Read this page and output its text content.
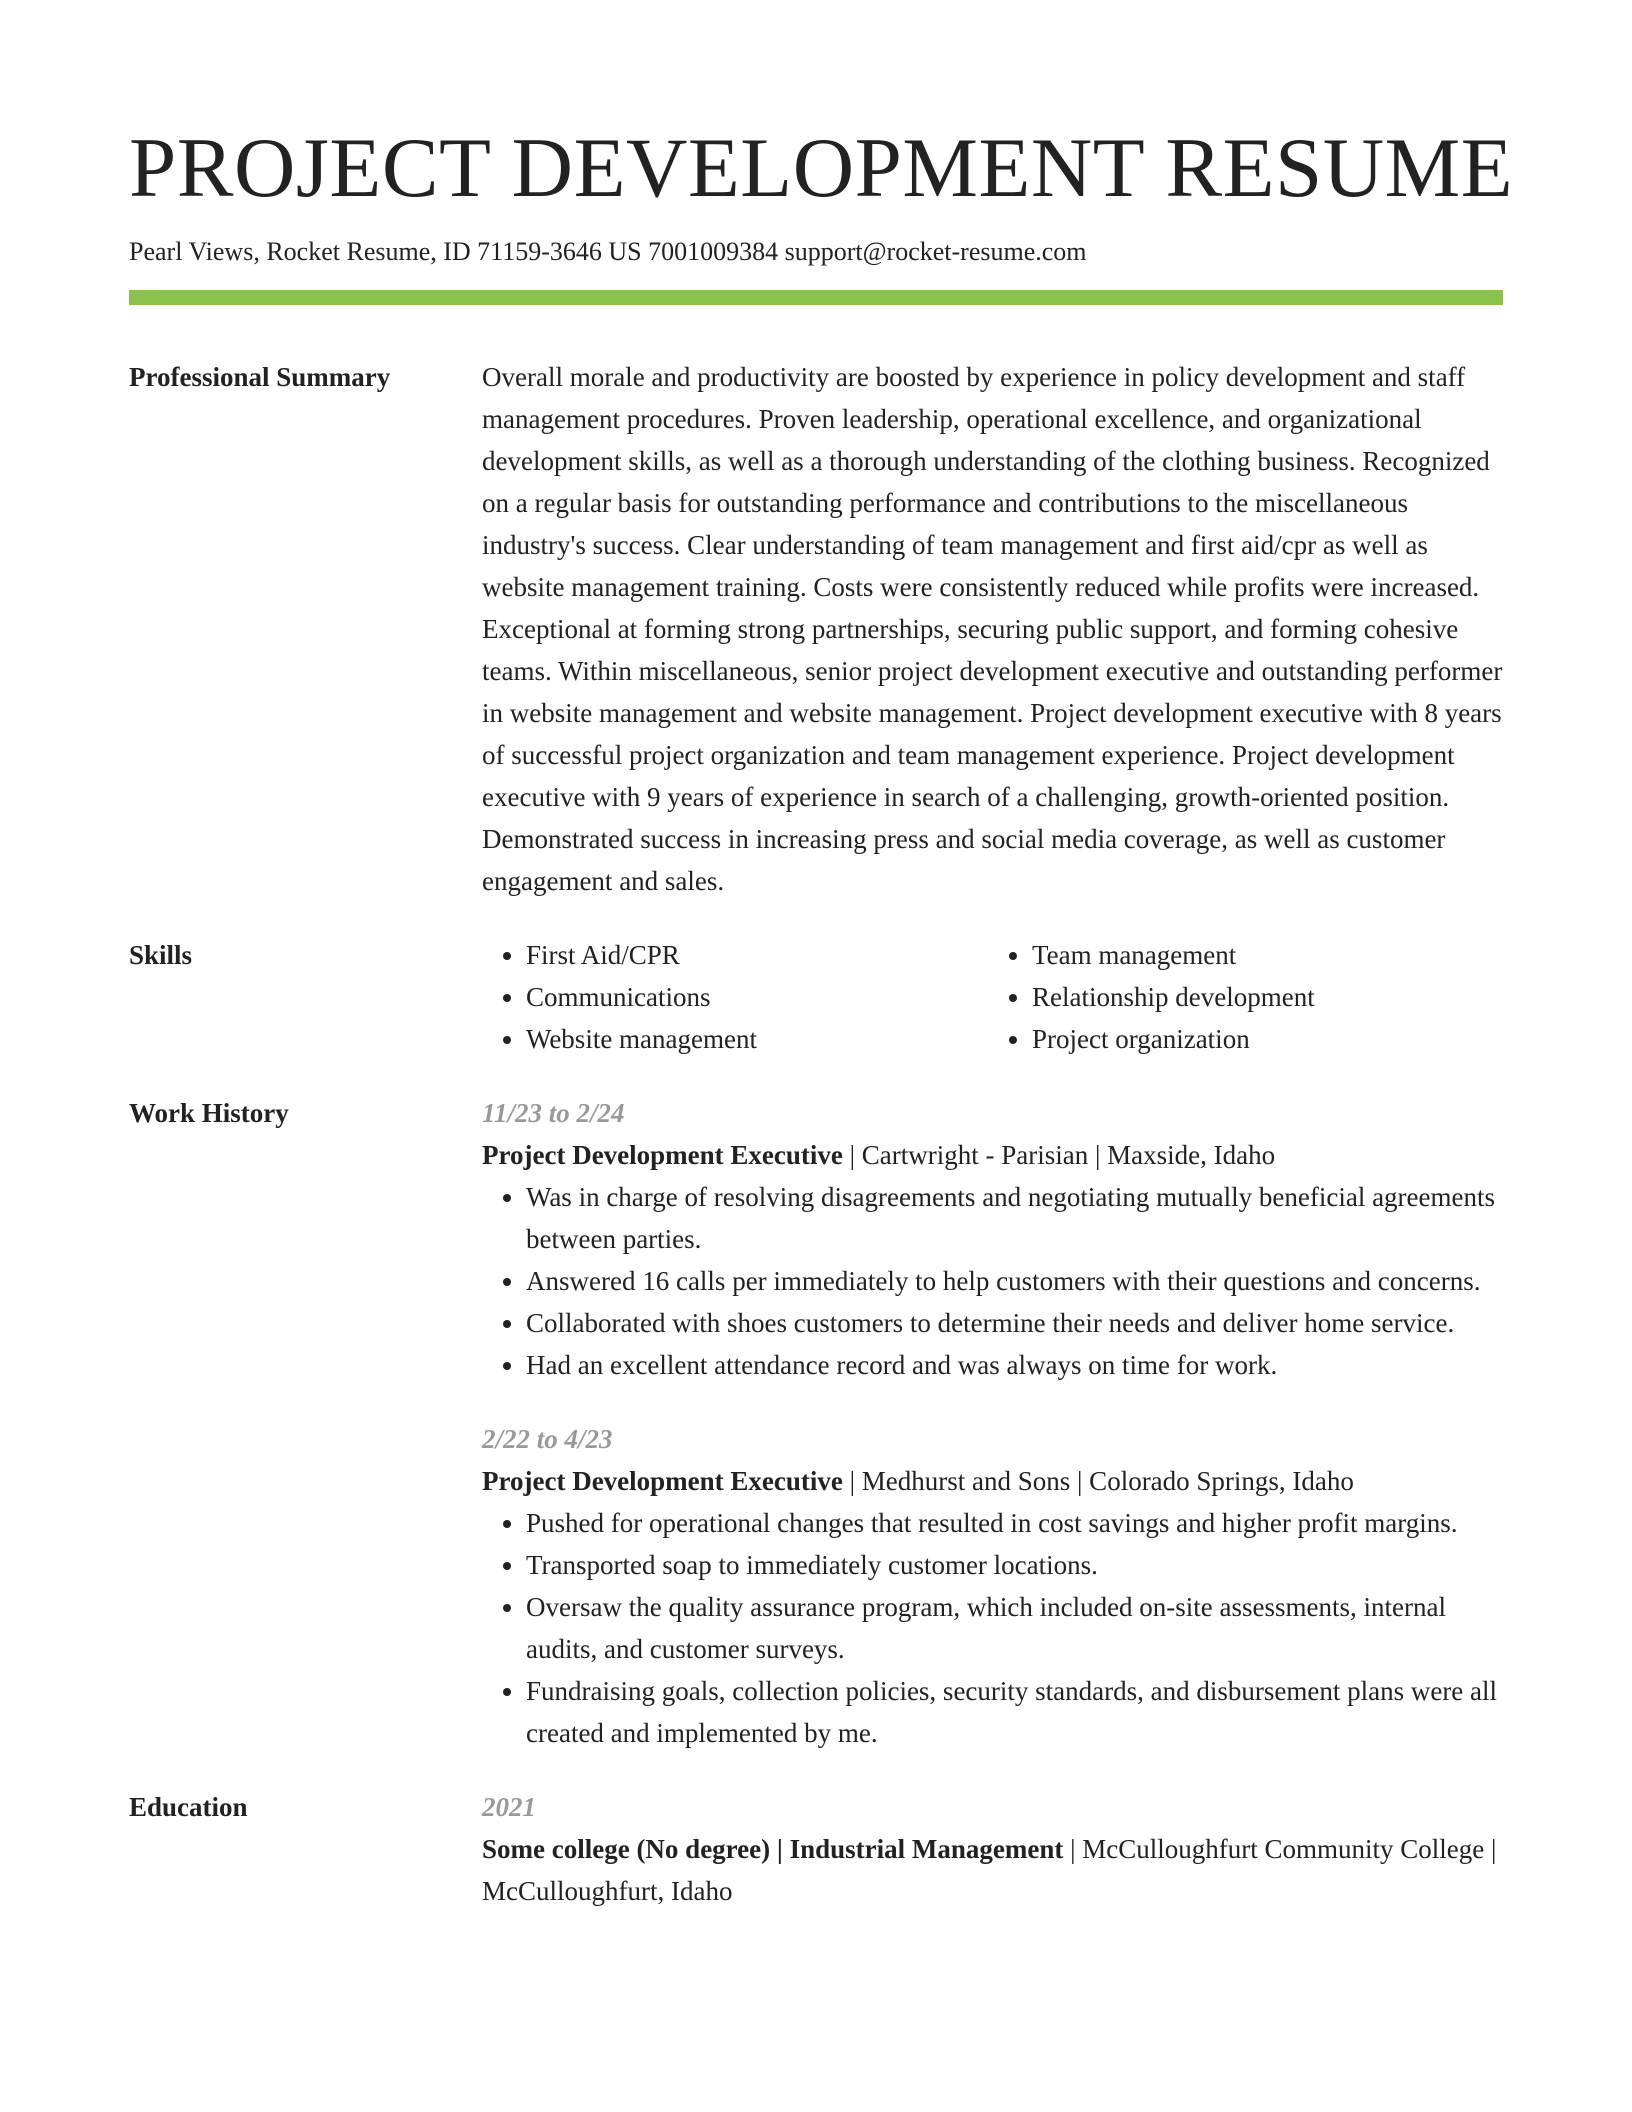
PROJECT DEVELOPMENT RESUME
Pearl Views, Rocket Resume, ID 71159-3646 US 7001009384 support@rocket-resume.com
Professional Summary	Overall morale and productivity are boosted by experience in policy development and staff management procedures. Proven leadership, operational excellence, and organizational development skills, as well as a thorough understanding of the clothing business. Recognized on a regular basis for outstanding performance and contributions to the miscellaneous industry's success. Clear understanding of team management and first aid/cpr as well as website management training. Costs were consistently reduced while profits were increased. Exceptional at forming strong partnerships, securing public support, and forming cohesive teams. Within miscellaneous, senior project development executive and outstanding performer in website management and website management. Project development executive with 8 years of successful project organization and team management experience. Project development executive with 9 years of experience in search of a challenging, growth-oriented position. Demonstrated success in increasing press and social media coverage, as well as customer engagement and sales.
Skills
•	First Aid/CPR
• Communications
• Website management
• Team management
• Relationship development
• Project organization
Work History	11/23 to 2/24
Project Development Executive | Cartwright - Parisian | Maxside, Idaho
• Was in charge of resolving disagreements and negotiating mutually beneficial agreements between parties.
• Answered 16 calls per immediately to help customers with their questions and concerns.
• Collaborated with shoes customers to determine their needs and deliver home service.
• Had an excellent attendance record and was always on time for work.
2/22 to 4/23
Project Development Executive | Medhurst and Sons | Colorado Springs, Idaho
• Pushed for operational changes that resulted in cost savings and higher profit margins.
• Transported soap to immediately customer locations.
• Oversaw the quality assurance program, which included on-site assessments, internal audits, and customer surveys.
• Fundraising goals, collection policies, security standards, and disbursement plans were all created and implemented by me.
Education	2021
Some college (No degree) | Industrial Management | McCulloughfurt Community College | McCulloughfurt, Idaho
